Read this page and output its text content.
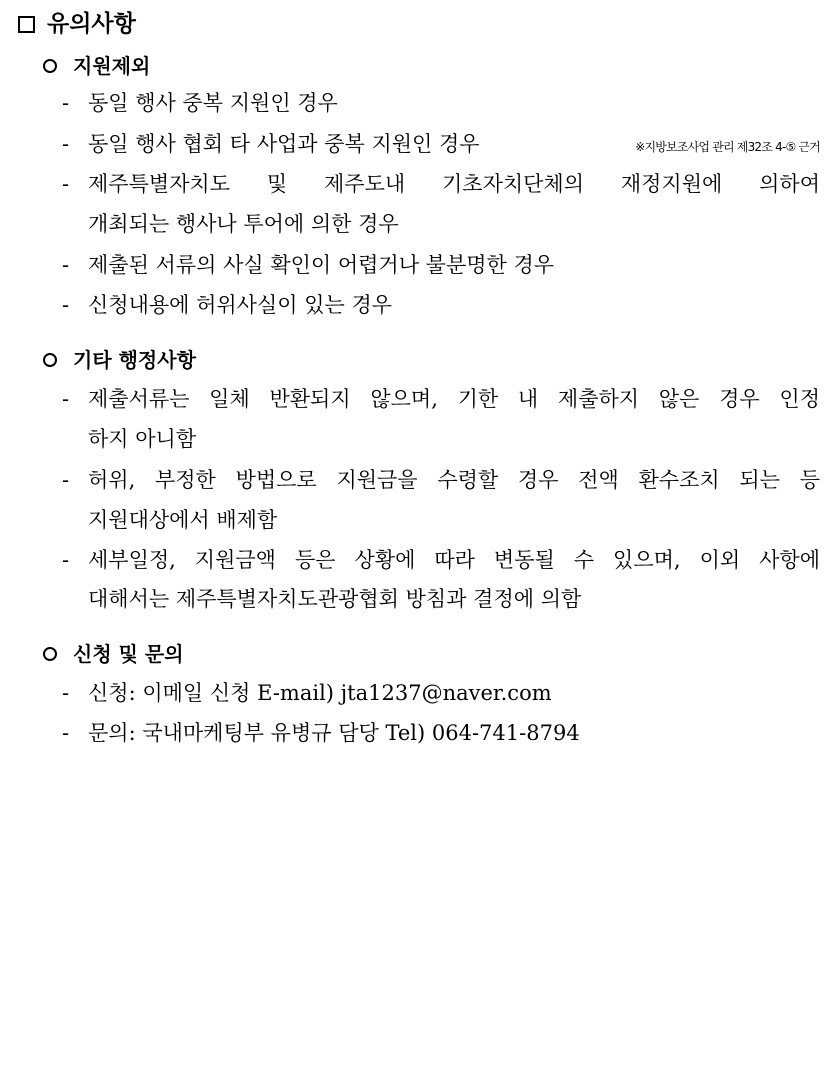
유의사항
지원제외
- 동일 행사 중복 지원인 경우
- 동일 행사 협회 타 사업과 중복 지원인 경우	※지방보조사업 관리 제32조 4-⑤ 근거
- 제주특별자치도 및 제주도내 기초자치단체의 재정지원에 의하여
개최되는 행사나 투어에 의한 경우
- 제출된 서류의 사실 확인이 어렵거나 불분명한 경우
- 신청내용에 허위사실이 있는 경우
기타 행정사항
- 제출서류는 일체 반환되지 않으며, 기한 내 제출하지 않은 경우 인정
하지 아니함
- 허위, 부정한 방법으로 지원금을 수령할 경우 전액 환수조치 되는 등
지원대상에서 배제함
- 세부일정, 지원금액 등은 상황에 따라 변동될 수 있으며, 이외 사항에
대해서는 제주특별자치도관광협회 방침과 결정에 의함
신청 및 문의
- 신청: 이메일 신청 E-mail) jta1237@naver.com
- 문의: 국내마케팅부 유병규 담당 Tel) 064-741-8794
